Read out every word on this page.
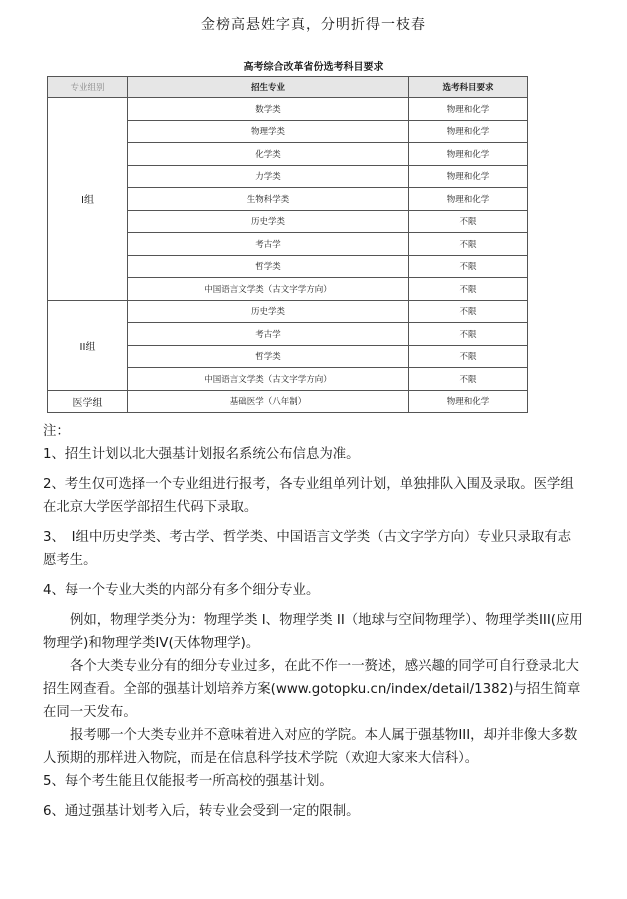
金榜高悬姓字真，分明折得一枝春
高考综合改革省份选考科目要求
专业组别	招生专业	选考科目要求
I组	数学类	物理和化学
	物理学类	物理和化学
	化学类	物理和化学
	力学类	物理和化学
	生物科学类	物理和化学
	历史学类	不限
	考古学	不限
	哲学类	不限
	中国语言文学类（古文字学方向）	不限
II组	历史学类	不限
	考古学	不限
	哲学类	不限
	中国语言文学类（古文字学方向）	不限
医学组	基础医学（八年制）	物理和化学

注：

1、招生计划以北大强基计划报名系统公布信息为准。

2、考生仅可选择一个专业组进行报考，各专业组单列计划，单独排队入围及录取。医学组在北京大学医学部招生代码下录取。

3、　I组中历史学类、考古学、哲学类、中国语言文学类（古文字学方向）专业只录取有志愿考生。

4、每一个专业大类的内部分有多个细分专业。

例如，物理学类分为：物理学类 I、物理学类 II（地球与空间物理学）、物理学类III(应用物理学)和物理学类IV(天体物理学)。

各个大类专业分有的细分专业过多，在此不作一一赘述，感兴趣的同学可自行登录北大招生网查看。全部的强基计划培养方案(www.gotopku.cn/index/detail/1382)与招生简章在同一天发布。

报考哪一个大类专业并不意味着进入对应的学院。本人属于强基物III，却并非像大多数人预期的那样进入物院，而是在信息科学技术学院（欢迎大家来大信科）。

5、每个考生能且仅能报考一所高校的强基计划。

6、通过强基计划考入后，转专业会受到一定的限制。
